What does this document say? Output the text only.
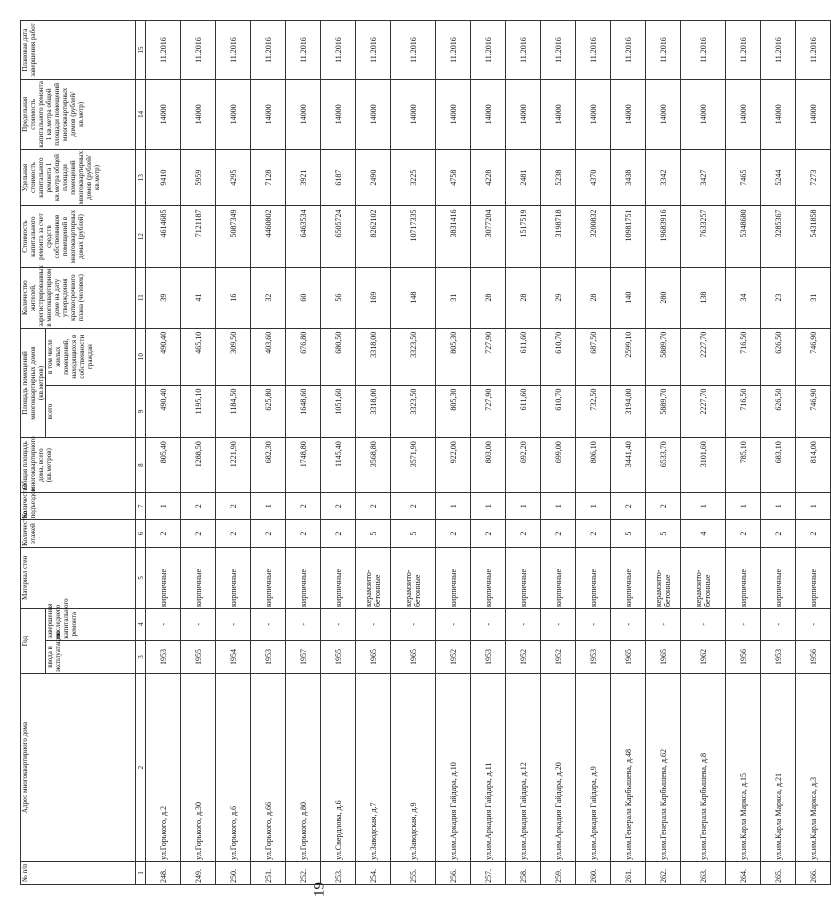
19
№ п/п	Адрес многоквартирного дома	Год		Материал стен	Количество этажей	Количество подъездов	Общая площадь многоквартирного дома, всего (кв.метров)	Площадь помещений многоквартирных домов (кв.метров)		Количество жителей, зарегистрированных в многоквартирном доме на дату утверждения краткосрочного плана (человек)	Стоимость капитального ремонта за счет средств собственников помещений в многоквартирных домах (рублей)	Удельная стоимость капитального ремонта 1 кв.метра общей площади помещений многоквартирных домов (рублей/кв.метр)	Предельная стоимость капитального ремонта 1 кв.метра общей площади помещений многоквартирных домов (рублей/кв.метр)	Плановая дата завершения работ
		ввода в эксплуатацию	завершения последнего капитального ремонта					всего	в том числе жилых помещений, находящихся в собственности граждан					
1	2	3	4	5	6	7	8	9	10	11	12	13	14	15
248.	ул.Горького, д.2	1953	-	кирпичные	2	1	805,40	490,40	490,40	39	4614685	9410	14000	11.2016
249.	ул.Горького, д.30	1955	-	кирпичные	2	2	1288,50	1195,10	465,10	41	7121187	5959	14000	11.2016
250.	ул.Горького, д.6	1954	-	кирпичные	2	2	1221,90	1184,50	309,50	16	5087349	4295	14000	11.2016
251.	ул.Горького, д.66	1953	-	кирпичные	2	1	682,30	625,80	403,60	32	4460802	7128	14000	11.2016
252.	ул.Горького, д.80	1957	-	кирпичные	2	2	1748,80	1648,60	676,80	60	6463534	3921	14000	11.2016
253.	ул.Свердлова, д.6	1955	-	кирпичные	2	2	1145,40	1051,60	680,50	56	6505724	6187	14000	11.2016
254.	ул.Заводская, д.7	1965	-	керамзито-бетонные	5	2	3568,80	3318,00	3318,00	169	8262102	2490	14000	11.2016
255.	ул.Заводская, д.9	1965	-	керамзито-бетонные	5	2	3571,90	3323,50	3323,50	148	10717335	3225	14000	11.2016
256.	ул.им.Аркадия Гайдара, д.10	1952	-	кирпичные	2	1	922,00	805,30	805,30	31	3831416	4758	14000	11.2016
257.	ул.им.Аркадия Гайдара, д.11	1953	-	кирпичные	2	1	803,00	727,90	727,90	28	3077204	4228	14000	11.2016
258.	ул.им.Аркадия Гайдара, д.12	1952	-	кирпичные	2	1	692,20	611,60	611,60	28	1517519	2481	14000	11.2016
259.	ул.им.Аркадия Гайдара, д.20	1952	-	кирпичные	2	1	699,00	610,70	610,70	29	3198718	5238	14000	11.2016
260.	ул.им.Аркадия Гайдара, д.9	1953	-	кирпичные	2	1	806,10	732,50	687,50	28	3200832	4370	14000	11.2016
261.	ул.им.Генерала Карбышева, д.48	1965	-	кирпичные	5	2	3441,40	3194,00	2599,10	140	10981751	3438	14000	11.2016
262.	ул.им.Генерала Карбышева, д.62	1965	-	керамзито-бетонные	5	2	6533,70	5889,70	5889,70	280	19683916	3342	14000	11.2016
263.	ул.им.Генерала Карбышева, д.8	1962	-	керамзито-бетонные	4	1	3101,60	2227,70	2227,70	138	7633257	3427	14000	11.2016
264.	ул.им.Карла Маркса, д.15	1956	-	кирпичные	2	1	785,10	716,50	716,50	34	5348680	7465	14000	11.2016
265.	ул.им.Карла Маркса, д.21	1953	-	кирпичные	2	1	683,10	626,50	626,50	23	3285367	5244	14000	11.2016
266.	ул.им.Карла Маркса, д.3	1956	-	кирпичные	2	1	814,00	746,90	746,90	31	5431858	7273	14000	11.2016
